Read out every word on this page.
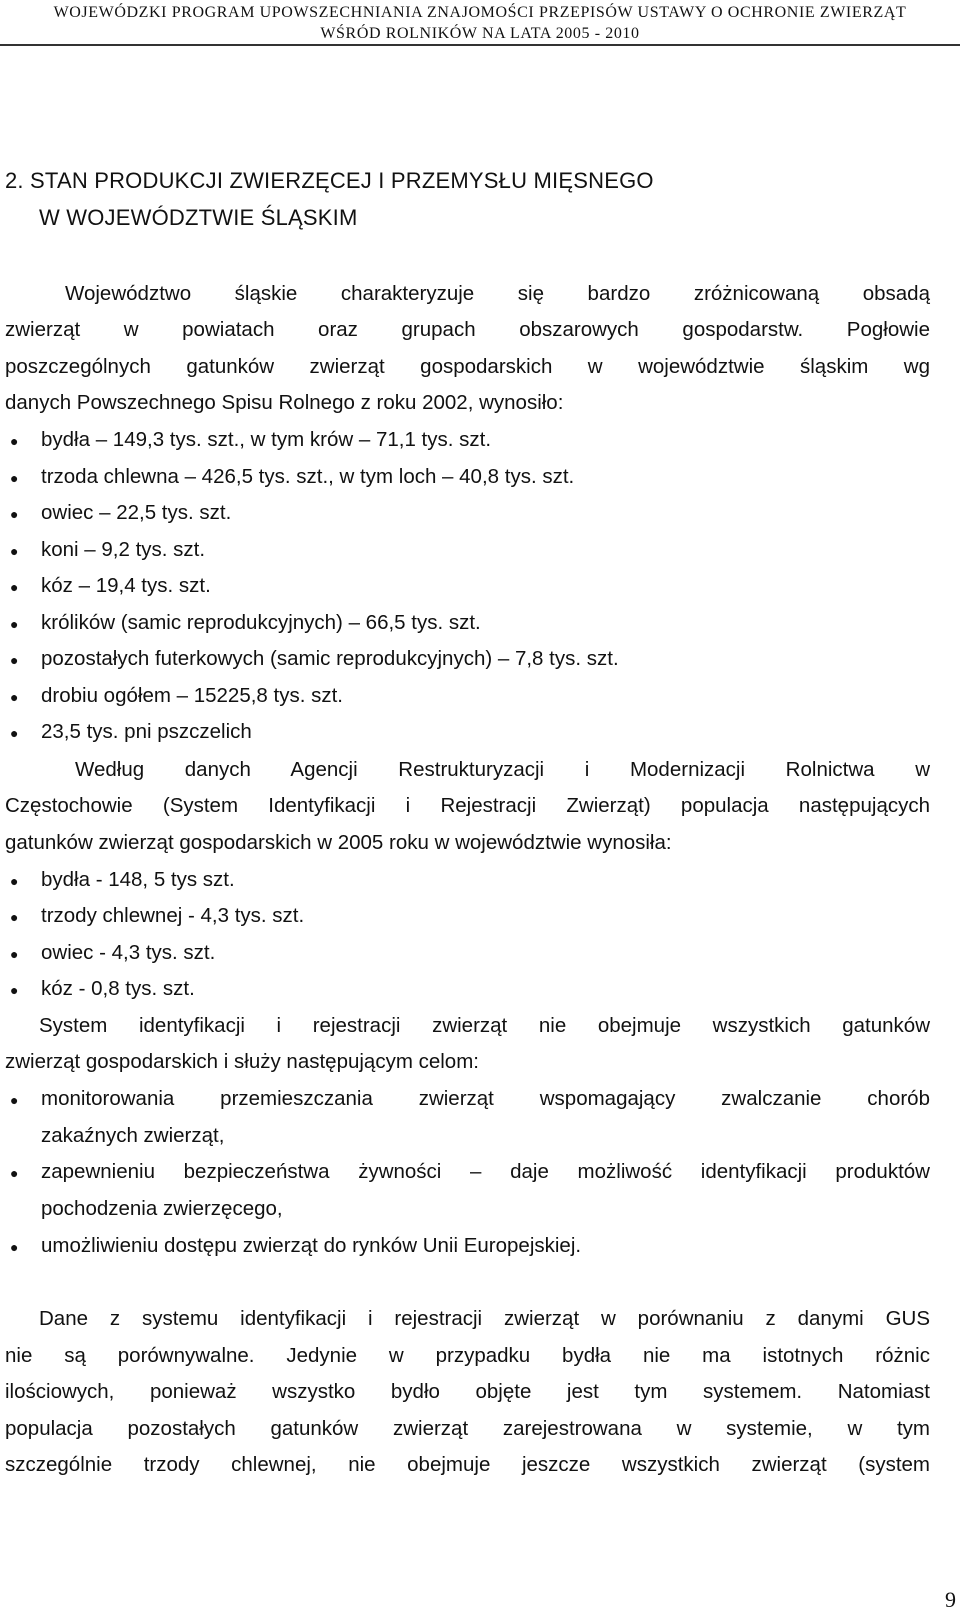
WOJEWÓDZKI PROGRAM UPOWSZECHNIANIA ZNAJOMOŚCI PRZEPISÓW USTAWY O OCHRONIE ZWIERZĄT
WŚRÓD ROLNIKÓW NA LATA 2005 - 2010
2. STAN PRODUKCJI ZWIERZĘCEJ I PRZEMYSŁU MIĘSNEGO
W WOJEWÓDZTWIE ŚLĄSKIM
Województwo śląskie charakteryzuje się bardzo zróżnicowaną obsadą
zwierząt w powiatach oraz grupach obszarowych gospodarstw. Pogłowie
poszczególnych gatunków zwierząt gospodarskich w województwie śląskim wg
danych Powszechnego Spisu Rolnego z roku 2002, wynosiło:
● bydła – 149,3 tys. szt., w tym krów – 71,1 tys. szt.
● trzoda chlewna – 426,5 tys. szt., w tym loch – 40,8 tys. szt.
● owiec – 22,5 tys. szt.
● koni – 9,2 tys. szt.
● kóz – 19,4 tys. szt.
● królików (samic reprodukcyjnych) – 66,5 tys. szt.
● pozostałych futerkowych (samic reprodukcyjnych) – 7,8 tys. szt.
● drobiu ogółem – 15225,8 tys. szt.
● 23,5 tys. pni pszczelich
Według danych Agencji Restrukturyzacji i Modernizacji Rolnictwa w
Częstochowie (System Identyfikacji i Rejestracji Zwierząt) populacja następujących
gatunków zwierząt gospodarskich w 2005 roku w województwie wynosiła:
● bydła - 148, 5 tys szt.
● trzody chlewnej - 4,3 tys. szt.
● owiec - 4,3 tys. szt.
● kóz - 0,8 tys. szt.
System identyfikacji i rejestracji zwierząt nie obejmuje wszystkich gatunków
zwierząt gospodarskich i służy następującym celom:
● monitorowania przemieszczania zwierząt wspomagający zwalczanie chorób
zakaźnych zwierząt,
● zapewnieniu bezpieczeństwa żywności – daje możliwość identyfikacji produktów
pochodzenia zwierzęcego,
● umożliwieniu dostępu zwierząt do rynków Unii Europejskiej.
Dane z systemu identyfikacji i rejestracji zwierząt w porównaniu z danymi GUS
nie są porównywalne. Jedynie w przypadku bydła nie ma istotnych różnic
ilościowych, ponieważ wszystko bydło objęte jest tym systemem. Natomiast
populacja pozostałych gatunków zwierząt zarejestrowana w systemie, w tym
szczególnie trzody chlewnej, nie obejmuje jeszcze wszystkich zwierząt (system
9
